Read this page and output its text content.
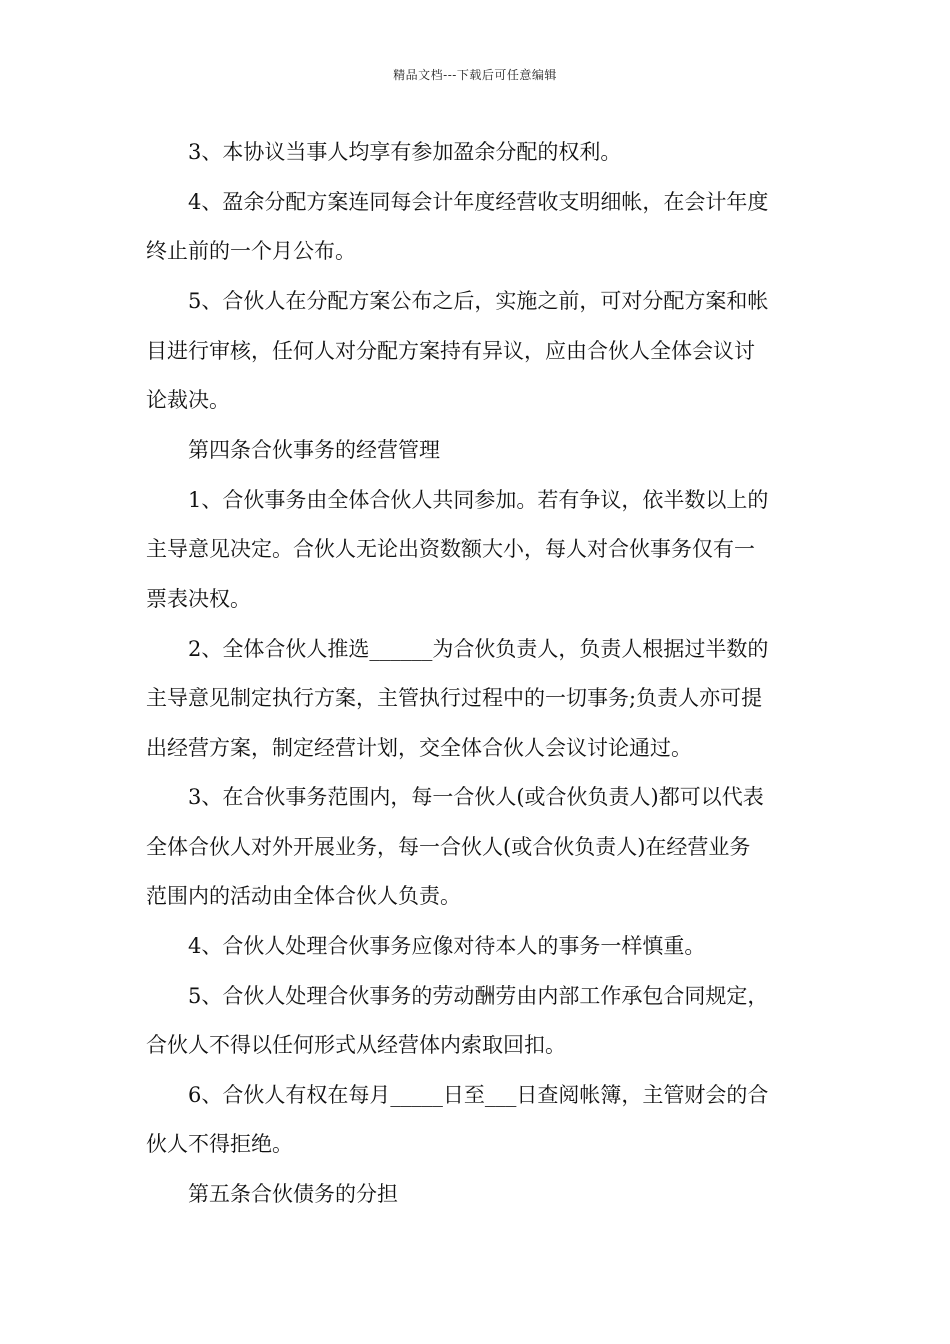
精品文档---下载后可任意编辑
3、本协议当事人均享有参加盈余分配的权利。
4、盈余分配方案连同每会计年度经营收支明细帐，在会计年度
终止前的一个月公布。
5、合伙人在分配方案公布之后，实施之前，可对分配方案和帐
目进行审核，任何人对分配方案持有异议，应由合伙人全体会议讨
论裁决。
第四条合伙事务的经营管理
1、合伙事务由全体合伙人共同参加。若有争议，依半数以上的
主导意见决定。合伙人无论出资数额大小，每人对合伙事务仅有一
票表决权。
2、全体合伙人推选______为合伙负责人，负责人根据过半数的
主导意见制定执行方案，主管执行过程中的一切事务;负责人亦可提
出经营方案，制定经营计划，交全体合伙人会议讨论通过。
3、在合伙事务范围内，每一合伙人(或合伙负责人)都可以代表
全体合伙人对外开展业务，每一合伙人(或合伙负责人)在经营业务
范围内的活动由全体合伙人负责。
4、合伙人处理合伙事务应像对待本人的事务一样慎重。
5、合伙人处理合伙事务的劳动酬劳由内部工作承包合同规定，
合伙人不得以任何形式从经营体内索取回扣。
6、合伙人有权在每月_____日至___日查阅帐簿，主管财会的合
伙人不得拒绝。
第五条合伙债务的分担
